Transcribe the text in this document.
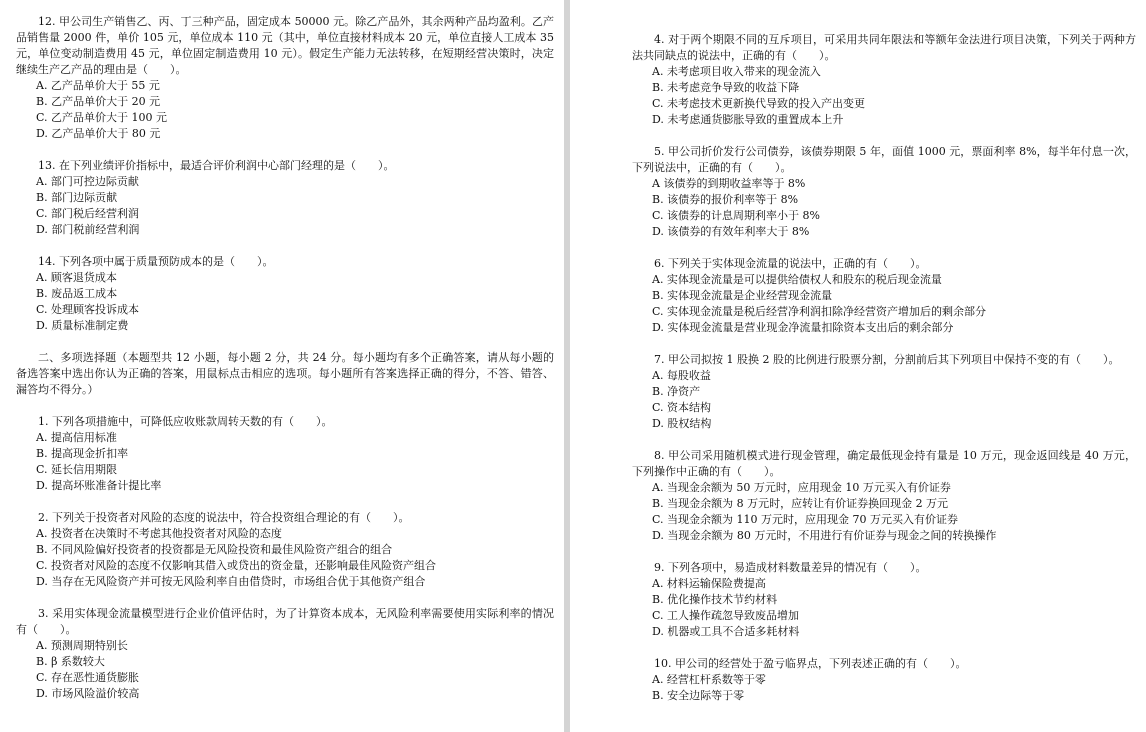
12. 甲公司生产销售乙、丙、丁三种产品，固定成本 50000 元。除乙产品外，其余两种产品均盈利。乙产品销售量 2000 件，单价 105 元，单位成本 110 元（其中，单位直接材料成本 20 元，单位直接人工成本 35 元，单位变动制造费用 45 元，单位固定制造费用 10 元）。假定生产能力无法转移，在短期经营决策时，决定继续生产乙产品的理由是（　　）。

A. 乙产品单价大于 55 元
B. 乙产品单价大于 20 元
C. 乙产品单价大于 100 元
D. 乙产品单价大于 80 元

13. 在下列业绩评价指标中，最适合评价利润中心部门经理的是（　　）。

A. 部门可控边际贡献
B. 部门边际贡献
C. 部门税后经营利润
D. 部门税前经营利润

14. 下列各项中属于质量预防成本的是（　　）。

A. 顾客退货成本
B. 废品返工成本
C. 处理顾客投诉成本
D. 质量标准制定费

二、多项选择题（本题型共 12 小题，每小题 2 分，共 24 分。每小题均有多个正确答案，请从每小题的备选答案中选出你认为正确的答案，用鼠标点击相应的选项。每小题所有答案选择正确的得分，不答、错答、漏答均不得分。）

1. 下列各项措施中，可降低应收账款周转天数的有（　　）。

A. 提高信用标准
B. 提高现金折扣率
C. 延长信用期限
D. 提高坏账准备计提比率

2. 下列关于投资者对风险的态度的说法中，符合投资组合理论的有（　　）。

A. 投资者在决策时不考虑其他投资者对风险的态度
B. 不同风险偏好投资者的投资都是无风险投资和最佳风险资产组合的组合
C. 投资者对风险的态度不仅影响其借入或贷出的资金量，还影响最佳风险资产组合
D. 当存在无风险资产并可按无风险利率自由借贷时，市场组合优于其他资产组合

3. 采用实体现金流量模型进行企业价值评估时，为了计算资本成本，无风险利率需要使用实际利率的情况有（　　）。

A. 预测周期特别长
B. β 系数较大
C. 存在恶性通货膨胀
D. 市场风险溢价较高

4. 对于两个期限不同的互斥项目，可采用共同年限法和等额年金法进行项目决策，下列关于两种方法共同缺点的说法中，正确的有（　　）。

A. 未考虑项目收入带来的现金流入
B. 未考虑竞争导致的收益下降
C. 未考虑技术更新换代导致的投入产出变更
D. 未考虑通货膨胀导致的重置成本上升

5. 甲公司折价发行公司债券，该债券期限 5 年，面值 1000 元，票面利率 8%，每半年付息一次，下列说法中，正确的有（　　）。

A 该债券的到期收益率等于 8%
B. 该债券的报价利率等于 8%
C. 该债券的计息周期利率小于 8%
D. 该债券的有效年利率大于 8%

6. 下列关于实体现金流量的说法中，正确的有（　　）。

A. 实体现金流量是可以提供给债权人和股东的税后现金流量
B. 实体现金流量是企业经营现金流量
C. 实体现金流量是税后经营净利润扣除净经营资产增加后的剩余部分
D. 实体现金流量是营业现金净流量扣除资本支出后的剩余部分

7. 甲公司拟按 1 股换 2 股的比例进行股票分割，分割前后其下列项目中保持不变的有（　　）。

A. 每股收益
B. 净资产
C. 资本结构
D. 股权结构

8. 甲公司采用随机模式进行现金管理，确定最低现金持有量是 10 万元，现金返回线是 40 万元，下列操作中正确的有（　　）。

A. 当现金余额为 50 万元时，应用现金 10 万元买入有价证券
B. 当现金余额为 8 万元时，应转让有价证券换回现金 2 万元
C. 当现金余额为 110 万元时，应用现金 70 万元买入有价证券
D. 当现金余额为 80 万元时，不用进行有价证券与现金之间的转换操作

9. 下列各项中，易造成材料数量差异的情况有（　　）。

A. 材料运输保险费提高
B. 优化操作技术节约材料
C. 工人操作疏忽导致废品增加
D. 机器或工具不合适多耗材料

10. 甲公司的经营处于盈亏临界点，下列表述正确的有（　　）。

A. 经营杠杆系数等于零
B. 安全边际等于零
